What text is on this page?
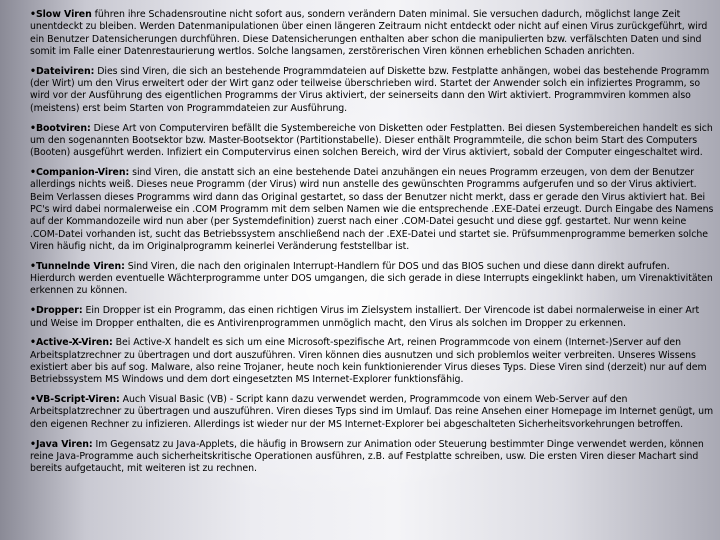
•Slow Viren führen ihre Schadensroutine nicht sofort aus, sondern verändern Daten minimal. Sie versuchen dadurch, möglichst lange Zeit unentdeckt zu bleiben. Werden Datenmanipulationen über einen längeren Zeitraum nicht entdeckt oder nicht auf einen Virus zurückgeführt, wird ein Benutzer Datensicherungen durchführen. Diese Datensicherungen enthalten aber schon die manipulierten bzw. verfälschten Daten und sind somit im Falle einer Datenrestaurierung wertlos. Solche langsamen, zerstörerischen Viren können erheblichen Schaden anrichten.

•Dateiviren: Dies sind Viren, die sich an bestehende Programmdateien auf Diskette bzw. Festplatte anhängen, wobei das bestehende Programm (der Wirt) um den Virus erweitert oder der Wirt ganz oder teilweise überschrieben wird. Startet der Anwender solch ein infiziertes Programm, so wird vor der Ausführung des eigentlichen Programms der Virus aktiviert, der seinerseits dann den Wirt aktiviert. Programmviren kommen also (meistens) erst beim Starten von Programmdateien zur Ausführung.

•Bootviren: Diese Art von Computerviren befällt die Systembereiche von Disketten oder Festplatten. Bei diesen Systembereichen handelt es sich um den sogenannten Bootsektor bzw. Master-Bootsektor (Partitionstabelle). Dieser enthält Programmteile, die schon beim Start des Computers (Booten) ausgeführt werden. Infiziert ein Computervirus einen solchen Bereich, wird der Virus aktiviert, sobald der Computer eingeschaltet wird.

•Companion-Viren: sind Viren, die anstatt sich an eine bestehende Datei anzuhängen ein neues Programm erzeugen, von dem der Benutzer allerdings nichts weiß. Dieses neue Programm (der Virus) wird nun anstelle des gewünschten Programms aufgerufen und so der Virus aktiviert. Beim Verlassen dieses Programms wird dann das Original gestartet, so dass der Benutzer nicht merkt, dass er gerade den Virus aktiviert hat. Bei PC's wird dabei normalerweise ein .COM Programm mit dem selben Namen wie die entsprechende .EXE-Datei erzeugt. Durch Eingabe des Namens auf der Kommandozeile wird nun aber (per Systemdefinition) zuerst nach einer .COM-Datei gesucht und diese ggf. gestartet. Nur wenn keine .COM-Datei vorhanden ist, sucht das Betriebssystem anschließend nach der .EXE-Datei und startet sie. Prüfsummenprogramme bemerken solche Viren häufig nicht, da im Originalprogramm keinerlei Veränderung feststellbar ist.

•Tunnelnde Viren: Sind Viren, die nach den originalen Interrupt-Handlern für DOS und das BIOS suchen und diese dann direkt aufrufen. Hierdurch werden eventuelle Wächterprogramme unter DOS umgangen, die sich gerade in diese Interrupts eingeklinkt haben, um Virenaktivitäten erkennen zu können.

•Dropper: Ein Dropper ist ein Programm, das einen richtigen Virus im Zielsystem installiert. Der Virencode ist dabei normalerweise in einer Art und Weise im Dropper enthalten, die es Antivirenprogrammen unmöglich macht, den Virus als solchen im Dropper zu erkennen.

•Active-X-Viren: Bei Active-X handelt es sich um eine Microsoft-spezifische Art, reinen Programmcode von einem (Internet-)Server auf den Arbeitsplatzrechner zu übertragen und dort auszuführen. Viren können dies ausnutzen und sich problemlos weiter verbreiten. Unseres Wissens existiert aber bis auf sog. Malware, also reine Trojaner, heute noch kein funktionierender Virus dieses Typs. Diese Viren sind (derzeit) nur auf dem Betriebssystem MS Windows und dem dort eingesetzten MS Internet-Explorer funktionsfähig.

•VB-Script-Viren: Auch Visual Basic (VB) - Script kann dazu verwendet werden, Programmcode von einem Web-Server auf den Arbeitsplatzrechner zu übertragen und auszuführen. Viren dieses Typs sind im Umlauf. Das reine Ansehen einer Homepage im Internet genügt, um den eigenen Rechner zu infizieren. Allerdings ist wieder nur der MS Internet-Explorer bei abgeschalteten Sicherheitsvorkehrungen betroffen.

•Java Viren: Im Gegensatz zu Java-Applets, die häufig in Browsern zur Animation oder Steuerung bestimmter Dinge verwendet werden, können reine Java-Programme auch sicherheitskritische Operationen ausführen, z.B. auf Festplatte schreiben, usw. Die ersten Viren dieser Machart sind bereits aufgetaucht, mit weiteren ist zu rechnen.
